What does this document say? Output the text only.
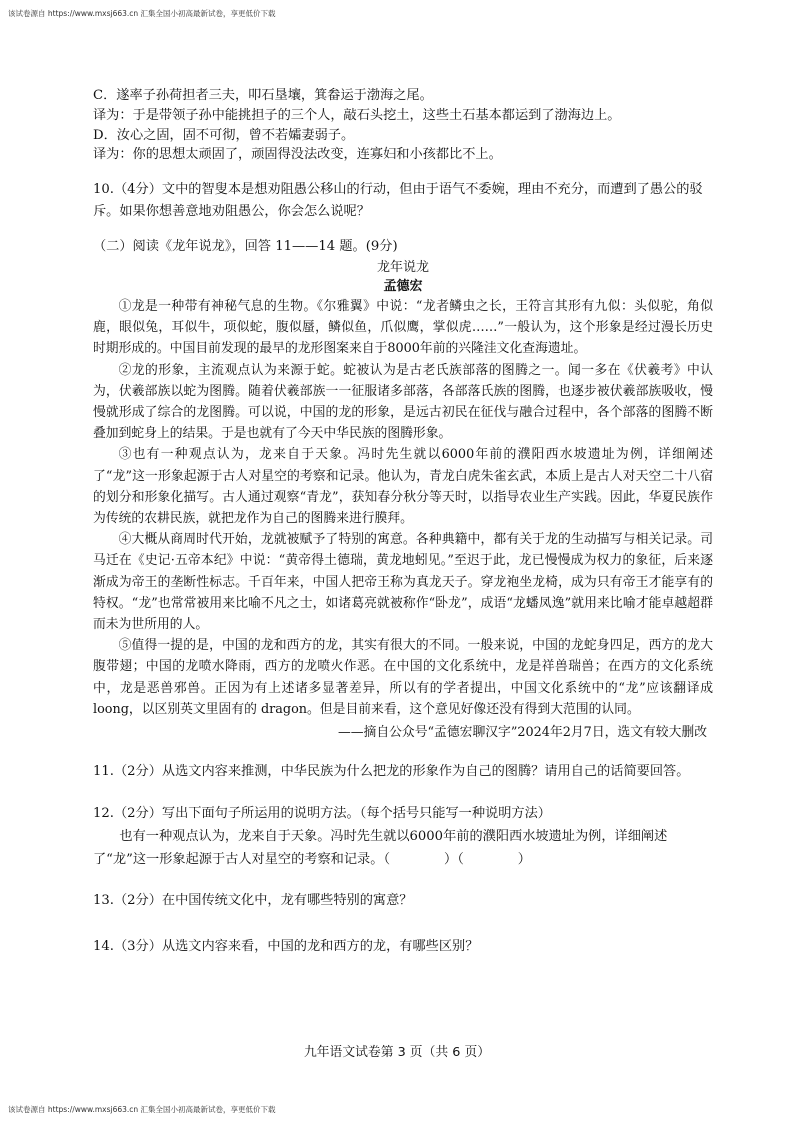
该试卷源自 https://www.mxsj663.cn 汇集全国小初高最新试卷，享更低价下载

C．遂率子孙荷担者三夫，叩石垦壤，箕畚运于渤海之尾。

译为：于是带领子孙中能挑担子的三个人，敲石头挖土，这些土石基本都运到了渤海边上。

D．汝心之固，固不可彻，曾不若孀妻弱子。

译为：你的思想太顽固了，顽固得没法改变，连寡妇和小孩都比不上。

10.（4分）文中的智叟本是想劝阻愚公移山的行动，但由于语气不委婉，理由不充分，而遭到了愚公的驳斥。如果你想善意地劝阻愚公，你会怎么说呢？

（二）阅读《龙年说龙》，回答 11——14 题。(9分)

龙年说龙

孟德宏

①龙是一种带有神秘气息的生物。《尔雅翼》中说：“龙者鳞虫之长，王符言其形有九似：头似驼，角似鹿，眼似兔，耳似牛，项似蛇，腹似蜃，鳞似鱼，爪似鹰，掌似虎……”一般认为，这个形象是经过漫长历史时期形成的。中国目前发现的最早的龙形图案来自于8000年前的兴隆洼文化查海遗址。

②龙的形象，主流观点认为来源于蛇。蛇被认为是古老氏族部落的图腾之一。闻一多在《伏羲考》中认为，伏羲部族以蛇为图腾。随着伏羲部族一一征服诸多部落，各部落氏族的图腾，也逐步被伏羲部族吸收，慢慢就形成了综合的龙图腾。可以说，中国的龙的形象，是远古初民在征伐与融合过程中，各个部落的图腾不断叠加到蛇身上的结果。于是也就有了今天中华民族的图腾形象。

③也有一种观点认为，龙来自于天象。冯时先生就以6000年前的濮阳西水坡遗址为例，详细阐述了“龙”这一形象起源于古人对星空的考察和记录。他认为，青龙白虎朱雀玄武，本质上是古人对天空二十八宿的划分和形象化描写。古人通过观察“青龙”，获知春分秋分等天时，以指导农业生产实践。因此，华夏民族作为传统的农耕民族，就把龙作为自己的图腾来进行膜拜。

④大概从商周时代开始，龙就被赋予了特别的寓意。各种典籍中，都有关于龙的生动描写与相关记录。司马迁在《史记·五帝本纪》中说：“黄帝得土德瑞，黄龙地蚓见。”至迟于此，龙已慢慢成为权力的象征，后来逐渐成为帝王的垄断性标志。千百年来，中国人把帝王称为真龙天子。穿龙袍坐龙椅，成为只有帝王才能享有的特权。“龙”也常常被用来比喻不凡之士，如诸葛亮就被称作“卧龙”，成语“龙蟠凤逸”就用来比喻才能卓越超群而未为世所用的人。

⑤值得一提的是，中国的龙和西方的龙，其实有很大的不同。一般来说，中国的龙蛇身四足，西方的龙大腹带翅；中国的龙喷水降雨，西方的龙喷火作恶。在中国的文化系统中，龙是祥兽瑞兽；在西方的文化系统中，龙是恶兽邪兽。正因为有上述诸多显著差异，所以有的学者提出，中国文化系统中的“龙”应该翻译成 loong，以区别英文里固有的 dragon。但是目前来看，这个意见好像还没有得到大范围的认同。

——摘自公众号“孟德宏聊汉字”2024年2月7日，选文有较大删改

11.（2分）从选文内容来推测，中华民族为什么把龙的形象作为自己的图腾？请用自己的话简要回答。

12.（2分）写出下面句子所运用的说明方法。（每个括号只能写一种说明方法）

也有一种观点认为，龙来自于天象。冯时先生就以6000年前的濮阳西水坡遗址为例，详细阐述了“龙”这一形象起源于古人对星空的考察和记录。（	）（	）

13.（2分）在中国传统文化中，龙有哪些特别的寓意？

14.（3分）从选文内容来看，中国的龙和西方的龙，有哪些区别？

九年语文试卷第 3 页（共 6 页）
该试卷源自 https://www.mxsj663.cn 汇集全国小初高最新试卷，享更低价下载
